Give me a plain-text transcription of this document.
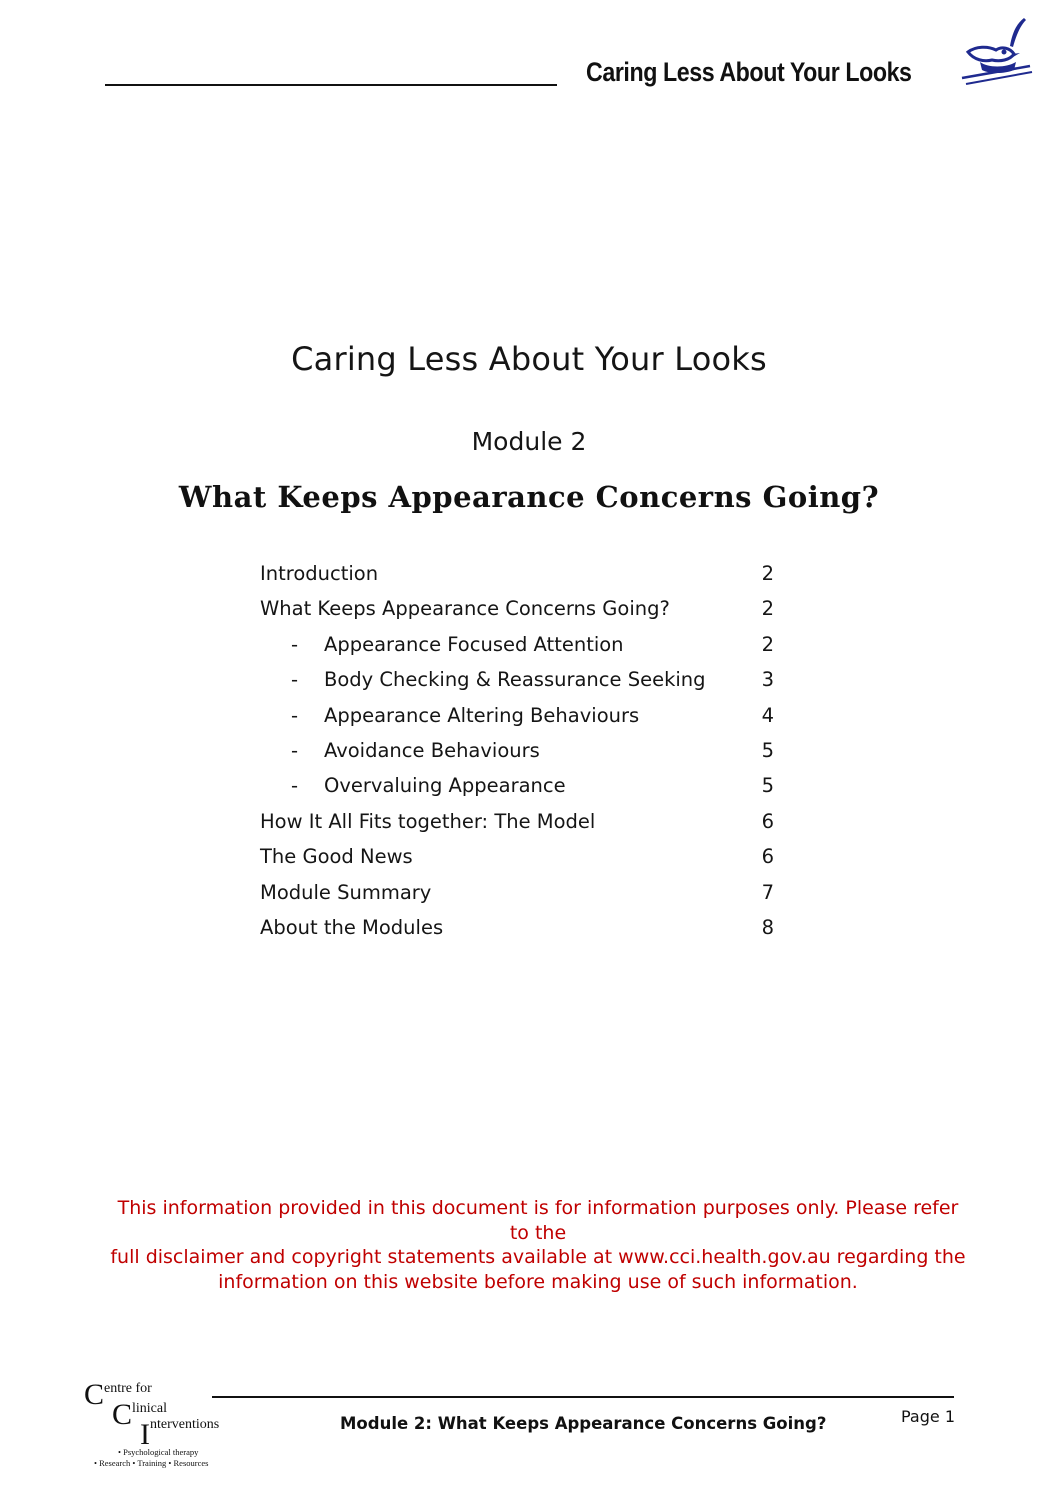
Caring Less About Your Looks
Caring Less About Your Looks
Module 2
What Keeps Appearance Concerns Going?
Introduction	2
What Keeps Appearance Concerns Going?	2
- Appearance Focused Attention	2
- Body Checking & Reassurance Seeking	3
- Appearance Altering Behaviours	4
- Avoidance Behaviours	5
- Overvaluing Appearance	5
How It All Fits together: The Model	6
The Good News	6
Module Summary	7
About the Modules	8
This information provided in this document is for information purposes only. Please refer to the
full disclaimer and copyright statements available at www.cci.health.gov.au regarding the
information on this website before making use of such information.
C entre for
C linical
I nterventions
• Psychological therapy
• Research • Training • Resources
Module 2: What Keeps Appearance Concerns Going?	Page 1
